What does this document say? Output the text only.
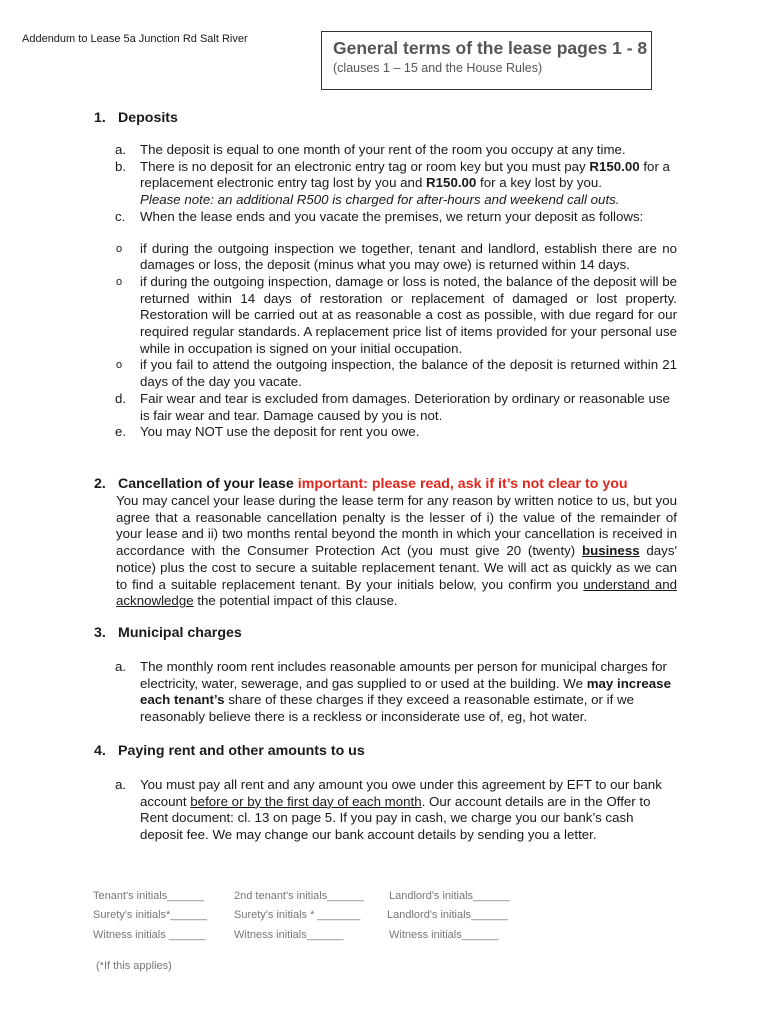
Addendum to Lease 5a Junction Rd Salt River	General terms of the lease pages 1 - 8
(clauses 1 – 15 and the House Rules)
1. Deposits
a. The deposit is equal to one month of your rent of the room you occupy at any time.
b. There is no deposit for an electronic entry tag or room key but you must pay R150.00 for a replacement electronic entry tag lost by you and R150.00 for a key lost by you.
Please note: an additional R500 is charged for after-hours and weekend call outs.
c. When the lease ends and you vacate the premises, we return your deposit as follows:
o if during the outgoing inspection we together, tenant and landlord, establish there are no damages or loss, the deposit (minus what you may owe) is returned within 14 days.
o if during the outgoing inspection, damage or loss is noted, the balance of the deposit will be returned within 14 days of restoration or replacement of damaged or lost property. Restoration will be carried out at as reasonable a cost as possible, with due regard for our required regular standards. A replacement price list of items provided for your personal use while in occupation is signed on your initial occupation.
o if you fail to attend the outgoing inspection, the balance of the deposit is returned within 21 days of the day you vacate.
d. Fair wear and tear is excluded from damages. Deterioration by ordinary or reasonable use is fair wear and tear. Damage caused by you is not.
e. You may NOT use the deposit for rent you owe.
2. Cancellation of your lease important: please read, ask if it’s not clear to you
You may cancel your lease during the lease term for any reason by written notice to us, but you agree that a reasonable cancellation penalty is the lesser of i) the value of the remainder of your lease and ii) two months rental beyond the month in which your cancellation is received in accordance with the Consumer Protection Act (you must give 20 (twenty) business days' notice) plus the cost to secure a suitable replacement tenant. We will act as quickly as we can to find a suitable replacement tenant. By your initials below, you confirm you understand and acknowledge the potential impact of this clause.
3. Municipal charges
a. The monthly room rent includes reasonable amounts per person for municipal charges for electricity, water, sewerage, and gas supplied to or used at the building. We may increase each tenant’s share of these charges if they exceed a reasonable estimate, or if we reasonably believe there is a reckless or inconsiderate use of, eg, hot water.
4. Paying rent and other amounts to us
a. You must pay all rent and any amount you owe under this agreement by EFT to our bank account before or by the first day of each month. Our account details are in the Offer to Rent document: cl. 13 on page 5. If you pay in cash, we charge you our bank’s cash deposit fee. We may change our bank account details by sending you a letter.
Tenant's initials______	2nd tenant's initials______ Landlord's initials______
Surety's initials*______ Surety's initials * _______ Landlord's initials______
Witness initials ______	Witness initials______	Witness initials______
(*If this applies)
